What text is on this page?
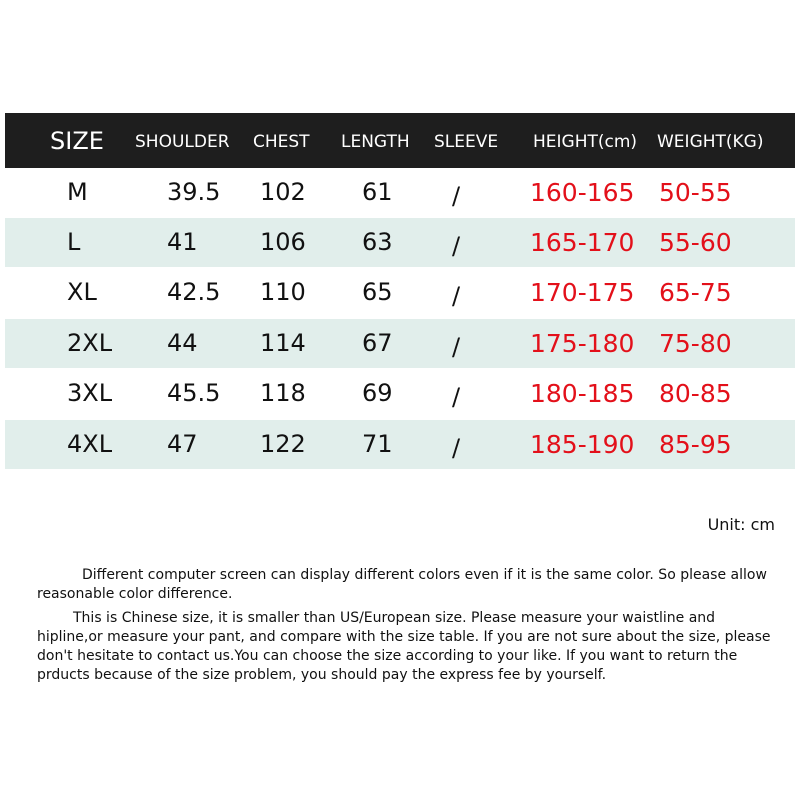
SIZE SHOULDER CHEST LENGTH SLEEVE HEIGHT(cm) WEIGHT(KG)
M	39.5 102 61 /	160-165 50-55
L	41	106 63 /	165-170 55-60
XL	42.5 110 65 /	170-175 65-75
2XL 44	114 67 /	175-180 75-80
3XL 45.5 118 69 /	180-185 80-85
4XL 47	122 71 /	185-190 85-95
Unit: cm

Different computer screen can display different colors even if it is the same color. So please allow reasonable color difference.

This is Chinese size, it is smaller than US/European size. Please measure your waistline and hipline,or measure your pant, and compare with the size table. If you are not sure about the size, please don't hesitate to contact us.You can choose the size according to your like. If you want to return the prducts because of the size problem, you should pay the express fee by yourself.
